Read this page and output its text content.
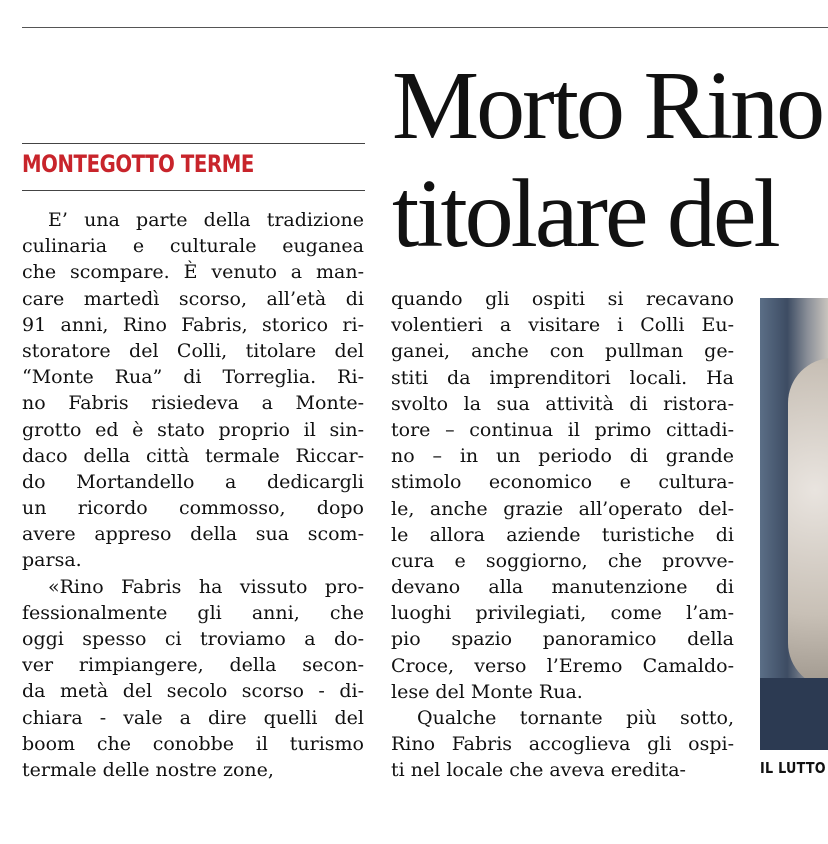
Morto Rino
titolare del
MONTEGOTTO TERME
E’ una parte della tradizione
culinaria e culturale euganea
che scompare. È venuto a man-
care martedì scorso, all’età di
91 anni, Rino Fabris, storico ri-
storatore del Colli, titolare del
“Monte Rua” di Torreglia. Ri-
no Fabris risiedeva a Monte-
grotto ed è stato proprio il sin-
daco della città termale Riccar-
do Mortandello a dedicargli
un ricordo commosso, dopo
avere appreso della sua scom-
parsa.
«Rino Fabris ha vissuto pro-
fessionalmente gli anni, che
oggi spesso ci troviamo a do-
ver rimpiangere, della secon-
da metà del secolo scorso - di-
chiara - vale a dire quelli del
boom che conobbe il turismo
termale delle nostre zone,
quando gli ospiti si recavano
volentieri a visitare i Colli Eu-
ganei, anche con pullman ge-
stiti da imprenditori locali. Ha
svolto la sua attività di ristora-
tore – continua il primo cittadi-
no – in un periodo di grande
stimolo economico e cultura-
le, anche grazie all’operato del-
le allora aziende turistiche di
cura e soggiorno, che provve-
devano alla manutenzione di
luoghi privilegiati, come l’am-
pio spazio panoramico della
Croce, verso l’Eremo Camaldo-
lese del Monte Rua.
Qualche tornante più sotto,
Rino Fabris accoglieva gli ospi-
ti nel locale che aveva eredita-	IL LUTTO
